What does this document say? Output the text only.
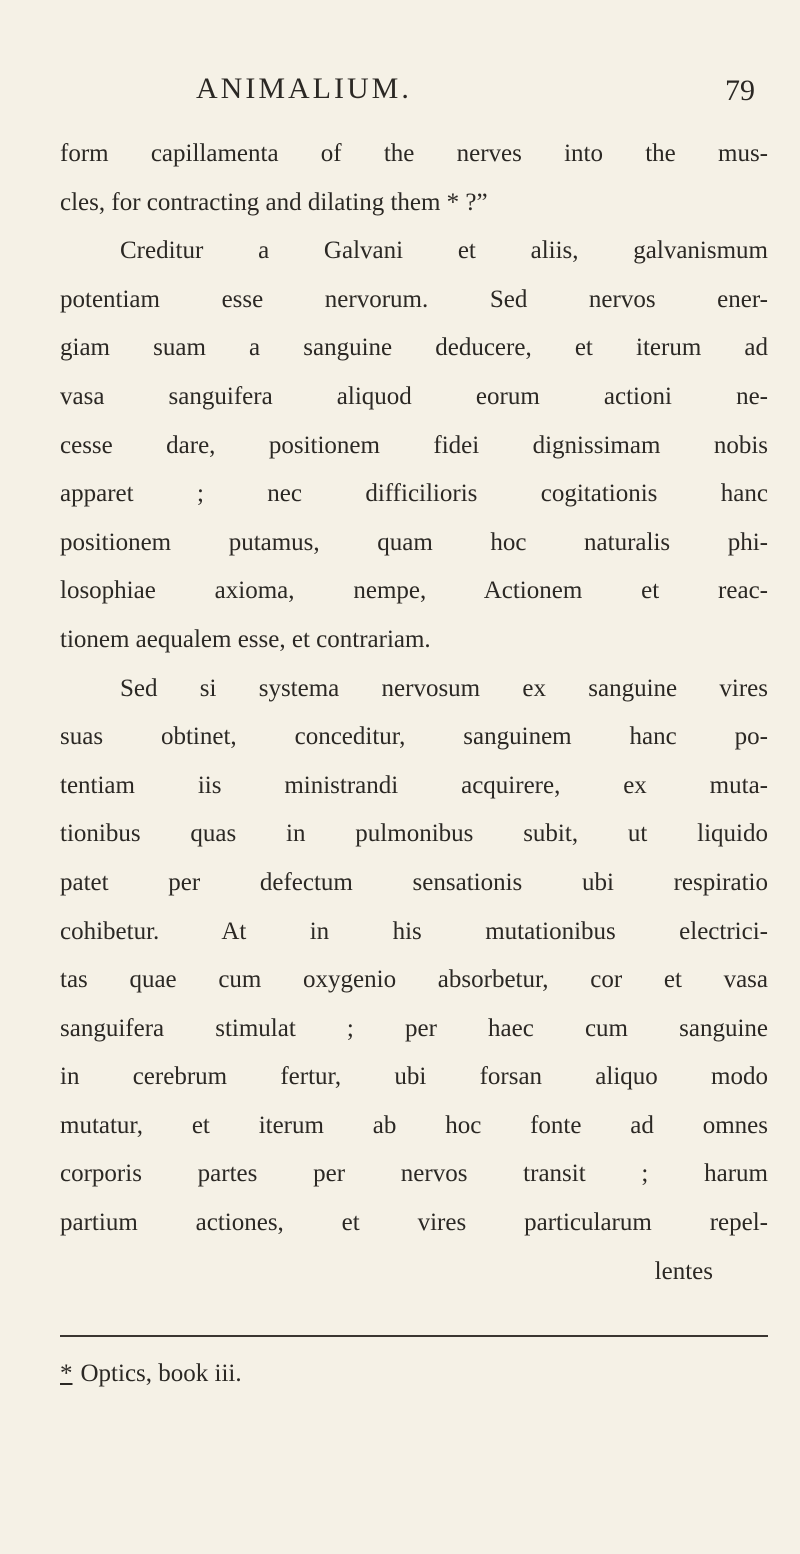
ANIMALIUM.	79
form capillamenta of the nerves into the mus-
cles, for contracting and dilating them * ?”
Creditur a Galvani et aliis, galvanismum
potentiam esse nervorum. Sed nervos ener-
giam suam a sanguine deducere, et iterum ad
vasa sanguifera aliquod eorum actioni ne-
cesse dare, positionem fidei dignissimam nobis
apparet ; nec difficilioris cogitationis hanc
positionem putamus, quam hoc naturalis phi-
losophiae axioma, nempe, Actionem et reac-
tionem aequalem esse, et contrariam.
Sed si systema nervosum ex sanguine vires
suas obtinet, conceditur, sanguinem hanc po-
tentiam iis ministrandi acquirere, ex muta-
tionibus quas in pulmonibus subit, ut liquido
patet per defectum sensationis ubi respiratio
cohibetur. At in his mutationibus electrici-
tas quae cum oxygenio absorbetur, cor et vasa
sanguifera stimulat ; per haec cum sanguine
in cerebrum fertur, ubi forsan aliquo modo
mutatur, et iterum ab hoc fonte ad omnes
corporis partes per nervos transit ; harum
partium actiones, et vires particularum repel-
lentes
* Optics, book iii.
